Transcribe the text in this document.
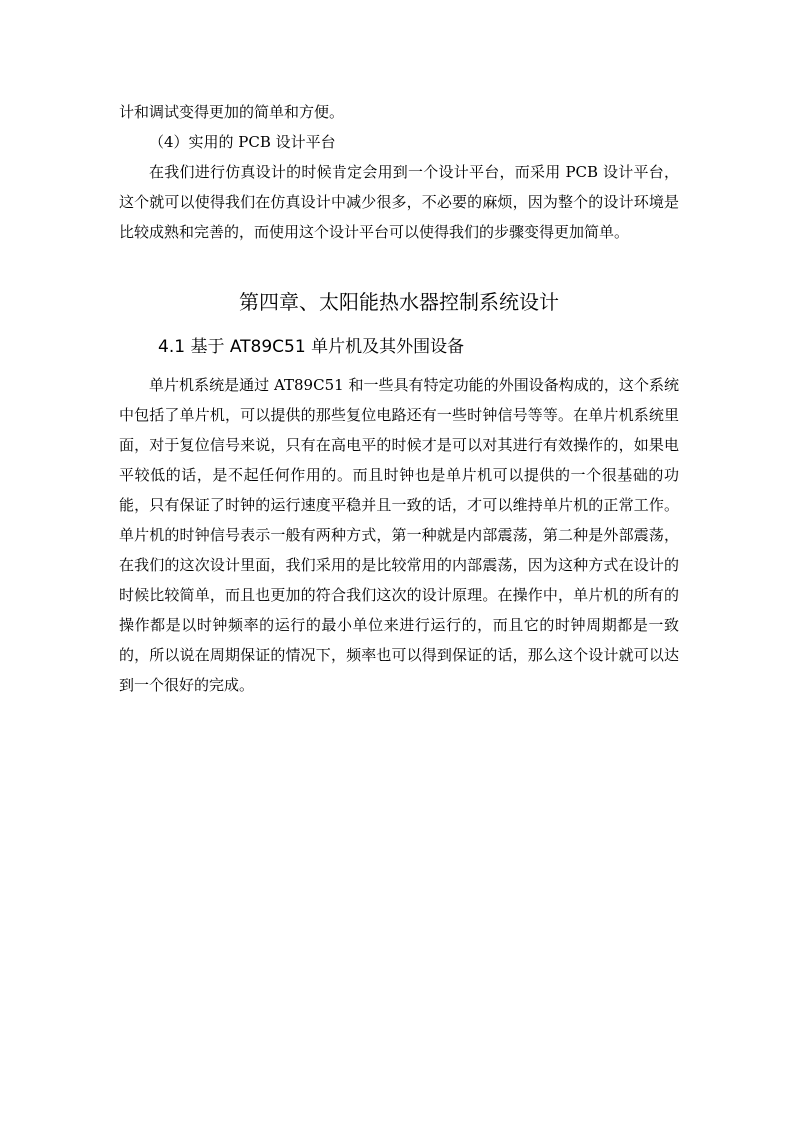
计和调试变得更加的简单和方便。

（4）实用的 PCB 设计平台

在我们进行仿真设计的时候肯定会用到一个设计平台，而采用 PCB 设计平台，这个就可以使得我们在仿真设计中减少很多，不必要的麻烦，因为整个的设计环境是比较成熟和完善的，而使用这个设计平台可以使得我们的步骤变得更加简单。

第四章、太阳能热水器控制系统设计
4.1 基于 AT89C51 单片机及其外围设备

单片机系统是通过 AT89C51 和一些具有特定功能的外围设备构成的，这个系统中包括了单片机，可以提供的那些复位电路还有一些时钟信号等等。在单片机系统里面，对于复位信号来说，只有在高电平的时候才是可以对其进行有效操作的，如果电平较低的话，是不起任何作用的。而且时钟也是单片机可以提供的一个很基础的功能，只有保证了时钟的运行速度平稳并且一致的话，才可以维持单片机的正常工作。单片机的时钟信号表示一般有两种方式，第一种就是内部震荡，第二种是外部震荡，在我们的这次设计里面，我们采用的是比较常用的内部震荡，因为这种方式在设计的时候比较简单，而且也更加的符合我们这次的设计原理。在操作中，单片机的所有的操作都是以时钟频率的运行的最小单位来进行运行的，而且它的时钟周期都是一致的，所以说在周期保证的情况下，频率也可以得到保证的话，那么这个设计就可以达到一个很好的完成。
